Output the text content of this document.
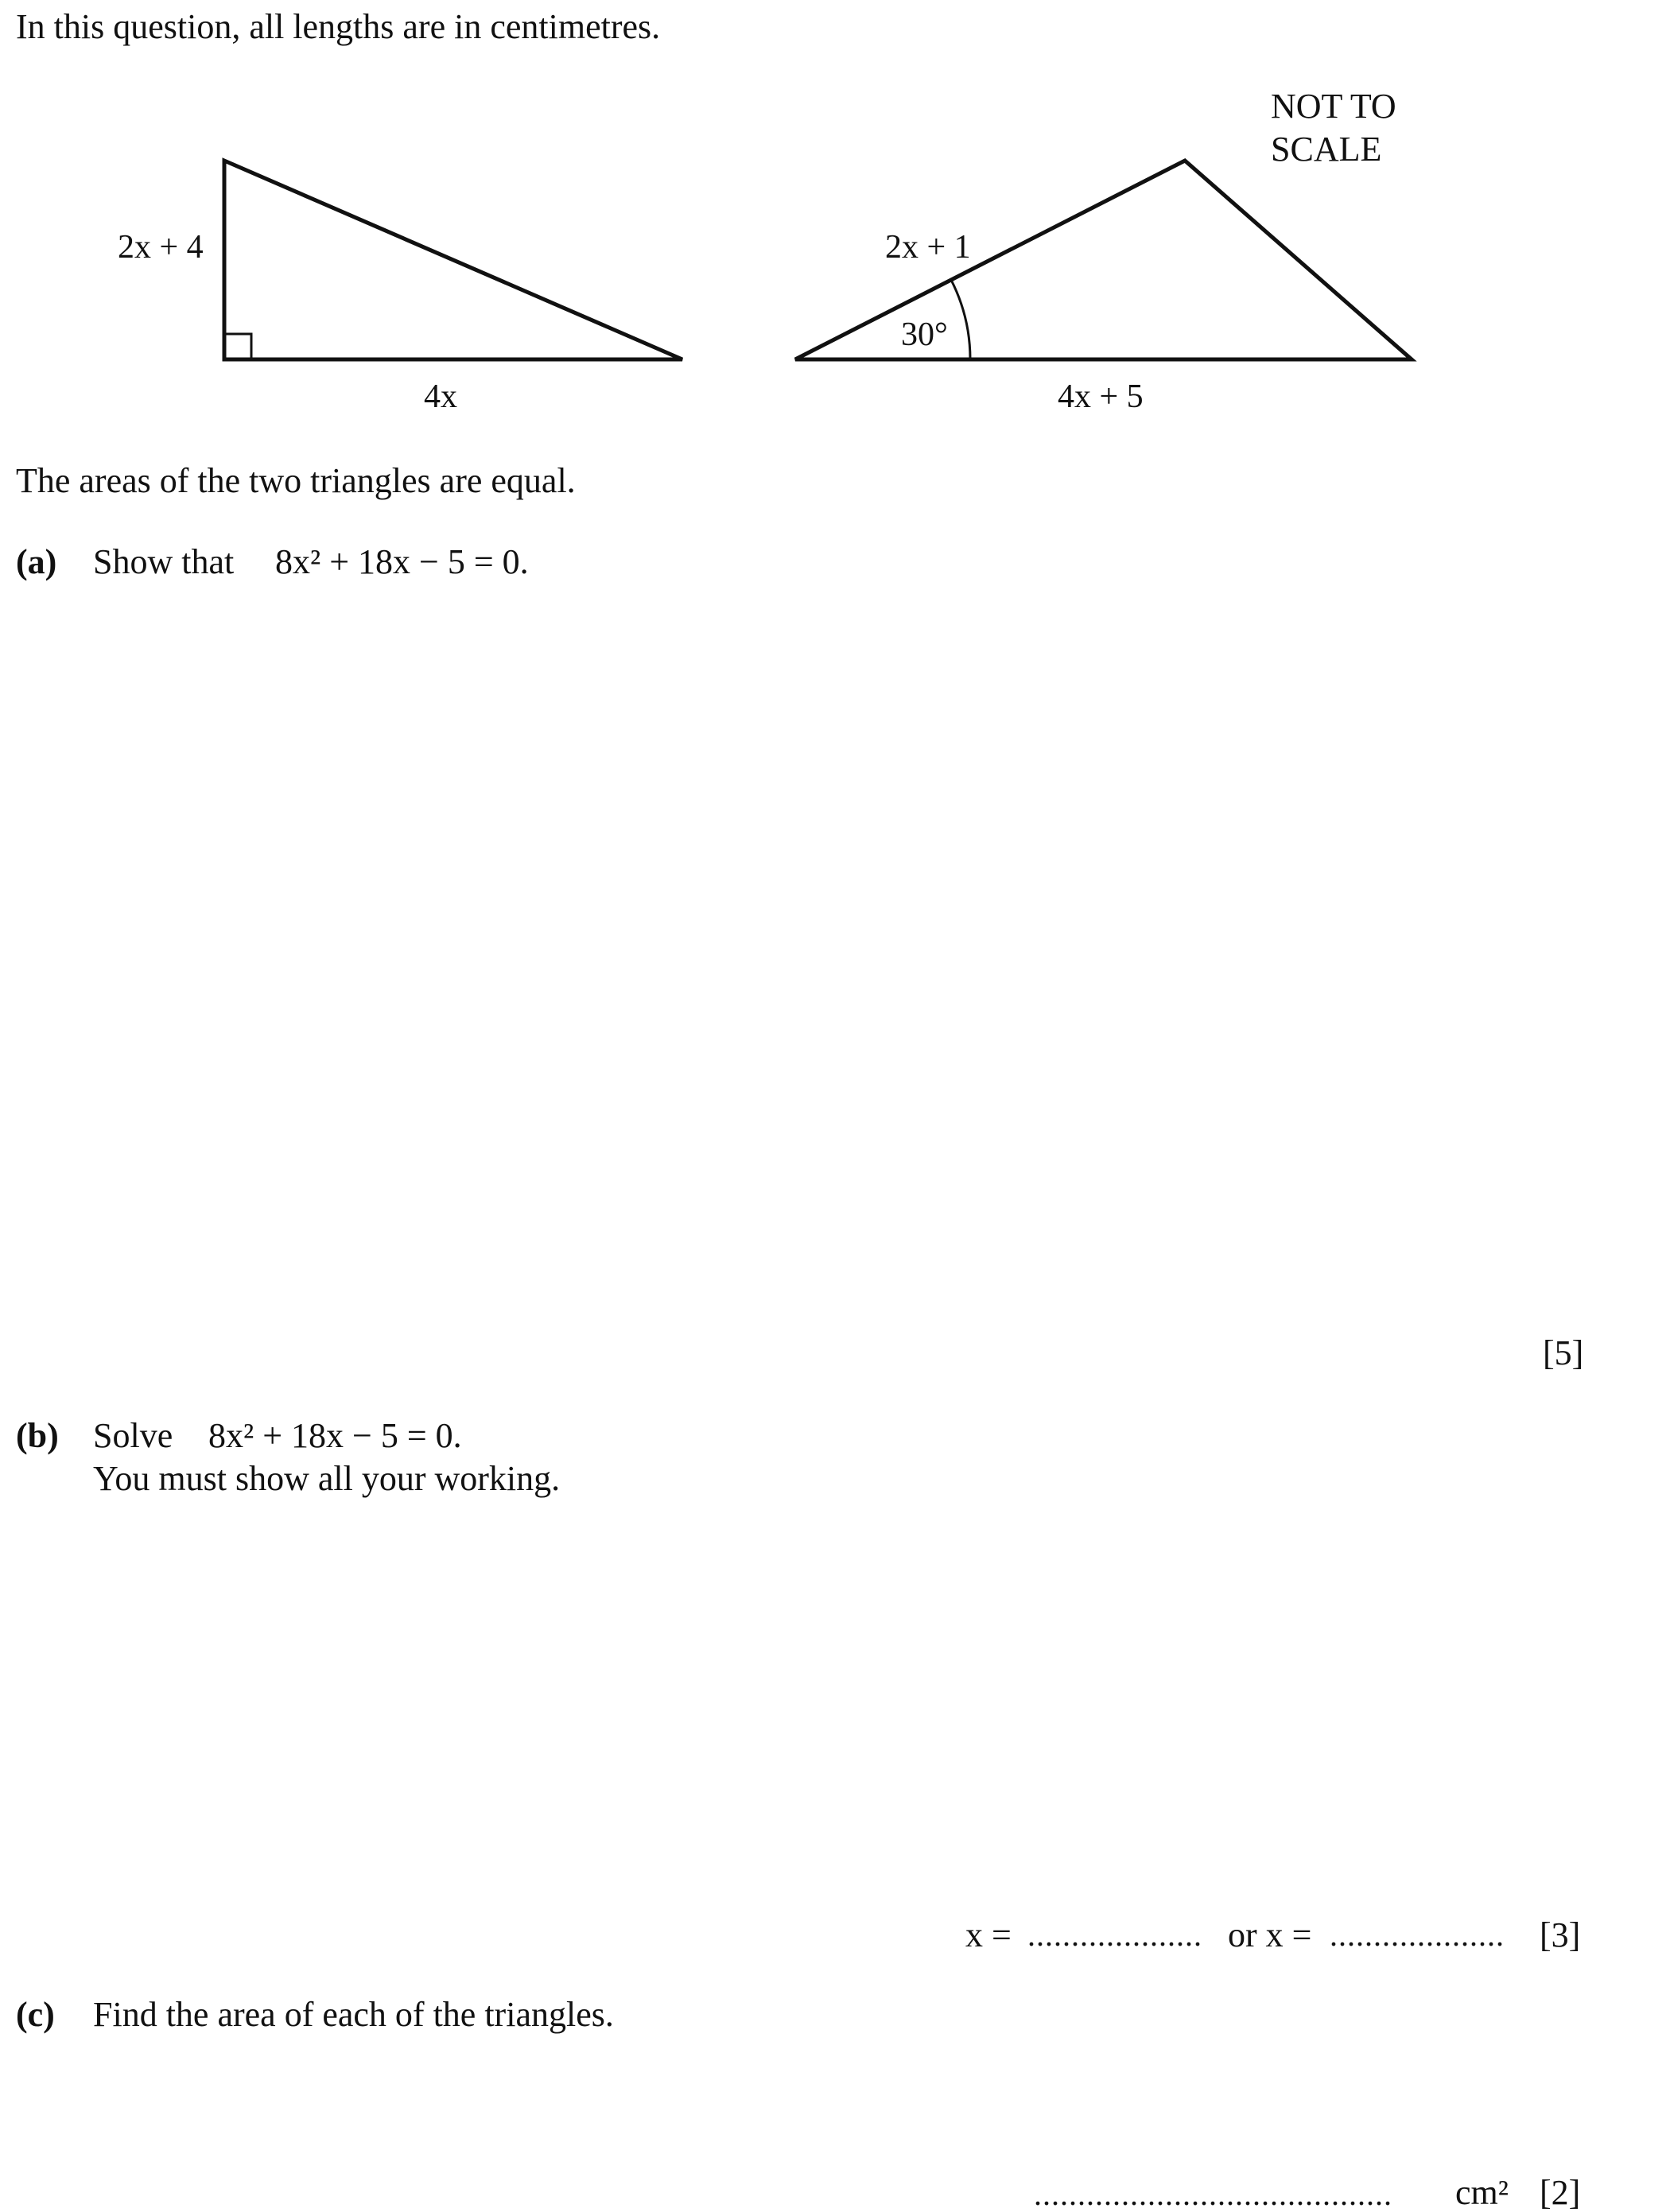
In this question, all lengths are in centimetres.
NOT TO
SCALE
2x + 4
4x
2x + 1
30°
4x + 5
The areas of the two triangles are equal.
(a) Show that 8x² + 18x − 5 = 0.
[5]
(b) Solve 8x² + 18x − 5 = 0.
You must show all your working.
x = .................... or x = .................... [3]
(c) Find the area of each of the triangles.
......................................... cm² [2]
